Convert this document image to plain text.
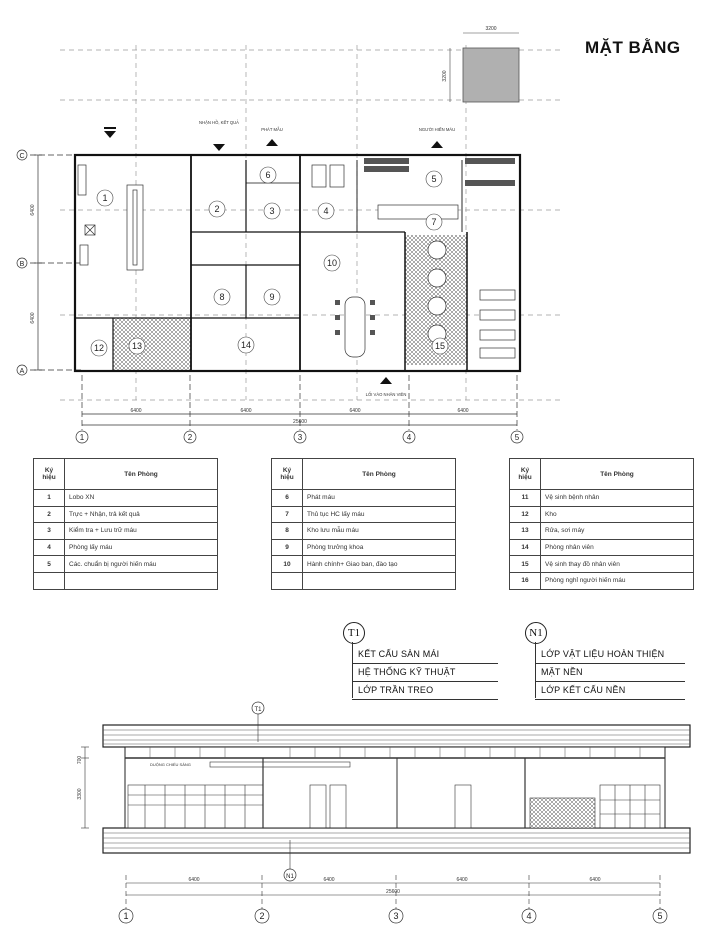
MẶT BẰNG
3200
3200
C
B
A
6400
6400
6400	6400	6400	6400
25600
1	2	3	4	5
NHẬN HỒ, KẾT QUẢ
PHÁT MẪU	NGƯỜI HIẾN MÁU
LỐI VÀO NHÂN VIÊN
1
2	3	4
5
6
7
8	9
10
12	13	14	15
Ký hiệu	Tên Phòng
1	Lobo XN
2	Trực + Nhận, trả kết quả
3	Kiểm tra + Lưu trữ máu
4	Phòng lấy máu
5	Các. chuẩn bị người hiến máu

Ký hiệu	Tên Phòng
6	Phát máu
7	Thủ tục HC lấy máu
8	Kho lưu mẫu máu
9	Phòng trưởng khoa
10	Hành chính+ Giao ban, đào tạo

Ký hiệu	Tên Phòng
11	Vệ sinh bệnh nhân
12	Kho
13	Rửa, sơi máy
14	Phòng nhân viên
15	Vệ sinh thay đồ nhân viên
16	Phòng nghỉ người hiến máu
T1
KẾT CẤU SÀN MÁI
HỆ THỐNG KỸ THUẬT
LỚP TRẦN TREO
N1
LỚP VẬT LIỆU HOÀN THIỆN
MẶT NỀN
LỚP KẾT CẤU NỀN
DUỘNG CHIẾU SÁNG
T1
N1
700
3300
6400	6400	6400	6400
25600
1	2	3	4	5
